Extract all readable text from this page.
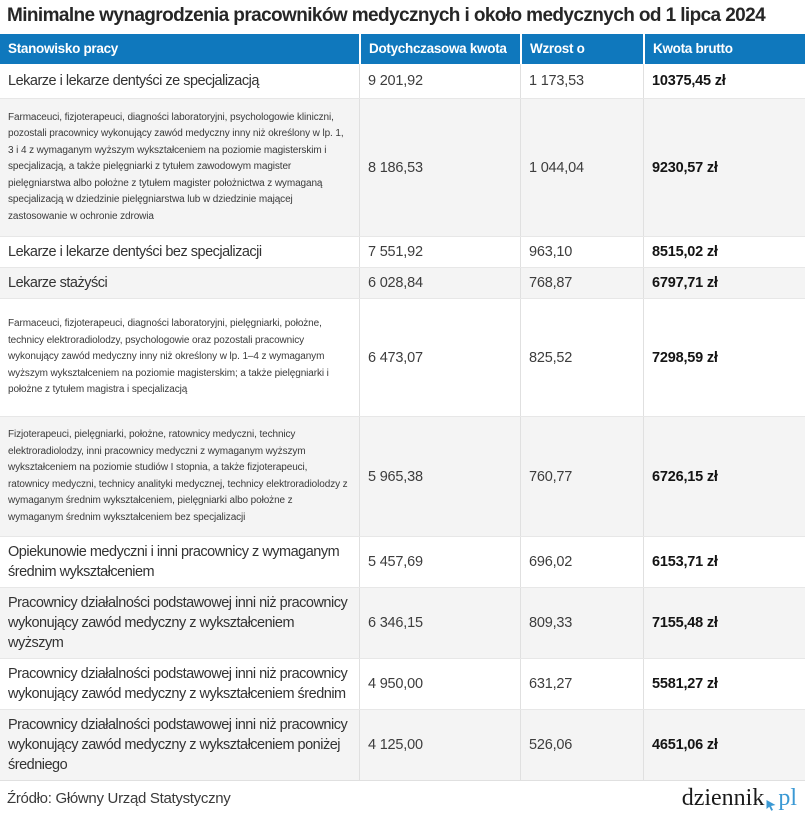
Minimalne wynagrodzenia pracowników medycznych i około medycznych od 1 lipca 2024
Stanowisko pracy	Dotychczasowa kwota	Wzrost o	Kwota brutto
Lekarze i lekarze dentyści ze specjalizacją	9 201,92	1 173,53	10375,45 zł
Farmaceuci, fizjoterapeuci, diagności laboratoryjni, psychologowie kliniczni, pozostali pracownicy wykonujący zawód medyczny inny niż określony w lp. 1, 3 i 4 z wymaganym wyższym wykształceniem na poziomie magisterskim i specjalizacją, a także pielęgniarki z tytułem zawodowym magister pielęgniarstwa albo położne z tytułem magister położnictwa z wymaganą specjalizacją w dziedzinie pielęgniarstwa lub w dziedzinie mającej zastosowanie w ochronie zdrowia
8 186,53	1 044,04	9230,57 zł
Lekarze i lekarze dentyści bez specjalizacji	7 551,92	963,10	8515,02 zł
Lekarze stażyści	6 028,84	768,87	6797,71 zł
Farmaceuci, fizjoterapeuci, diagności laboratoryjni, pielęgniarki, położne, technicy elektroradiolodzy, psychologowie oraz pozostali pracownicy wykonujący zawód medyczny inny niż określony w lp. 1–4 z wymaganym wyższym wykształceniem na poziomie magisterskim; a także pielęgniarki i położne z tytułem magistra i specjalizacją
6 473,07	825,52	7298,59 zł
Fizjoterapeuci, pielęgniarki, położne, ratownicy medyczni, technicy elektroradiolodzy, inni pracownicy medyczni z wymaganym wyższym wykształceniem na poziomie studiów I stopnia, a także fizjoterapeuci, ratownicy medyczni, technicy analityki medycznej, technicy elektroradiolodzy z wymaganym średnim wykształceniem, pielęgniarki albo położne z wymaganym średnim wykształceniem bez specjalizacji
5 965,38	760,77	6726,15 zł
Opiekunowie medyczni i inni pracownicy z wymaganym średnim wykształceniem
5 457,69	696,02	6153,71 zł
Pracownicy działalności podstawowej inni niż pracownicy wykonujący zawód medyczny z wykształceniem wyższym
6 346,15	809,33	7155,48 zł
Pracownicy działalności podstawowej inni niż pracownicy wykonujący zawód medyczny z wykształceniem średnim
4 950,00	631,27	5581,27 zł
Pracownicy działalności podstawowej inni niż pracownicy wykonujący zawód medyczny z wykształceniem poniżej średniego
4 125,00	526,06	4651,06 zł
Źródło: Główny Urząd Statystyczny	dziennik pl
